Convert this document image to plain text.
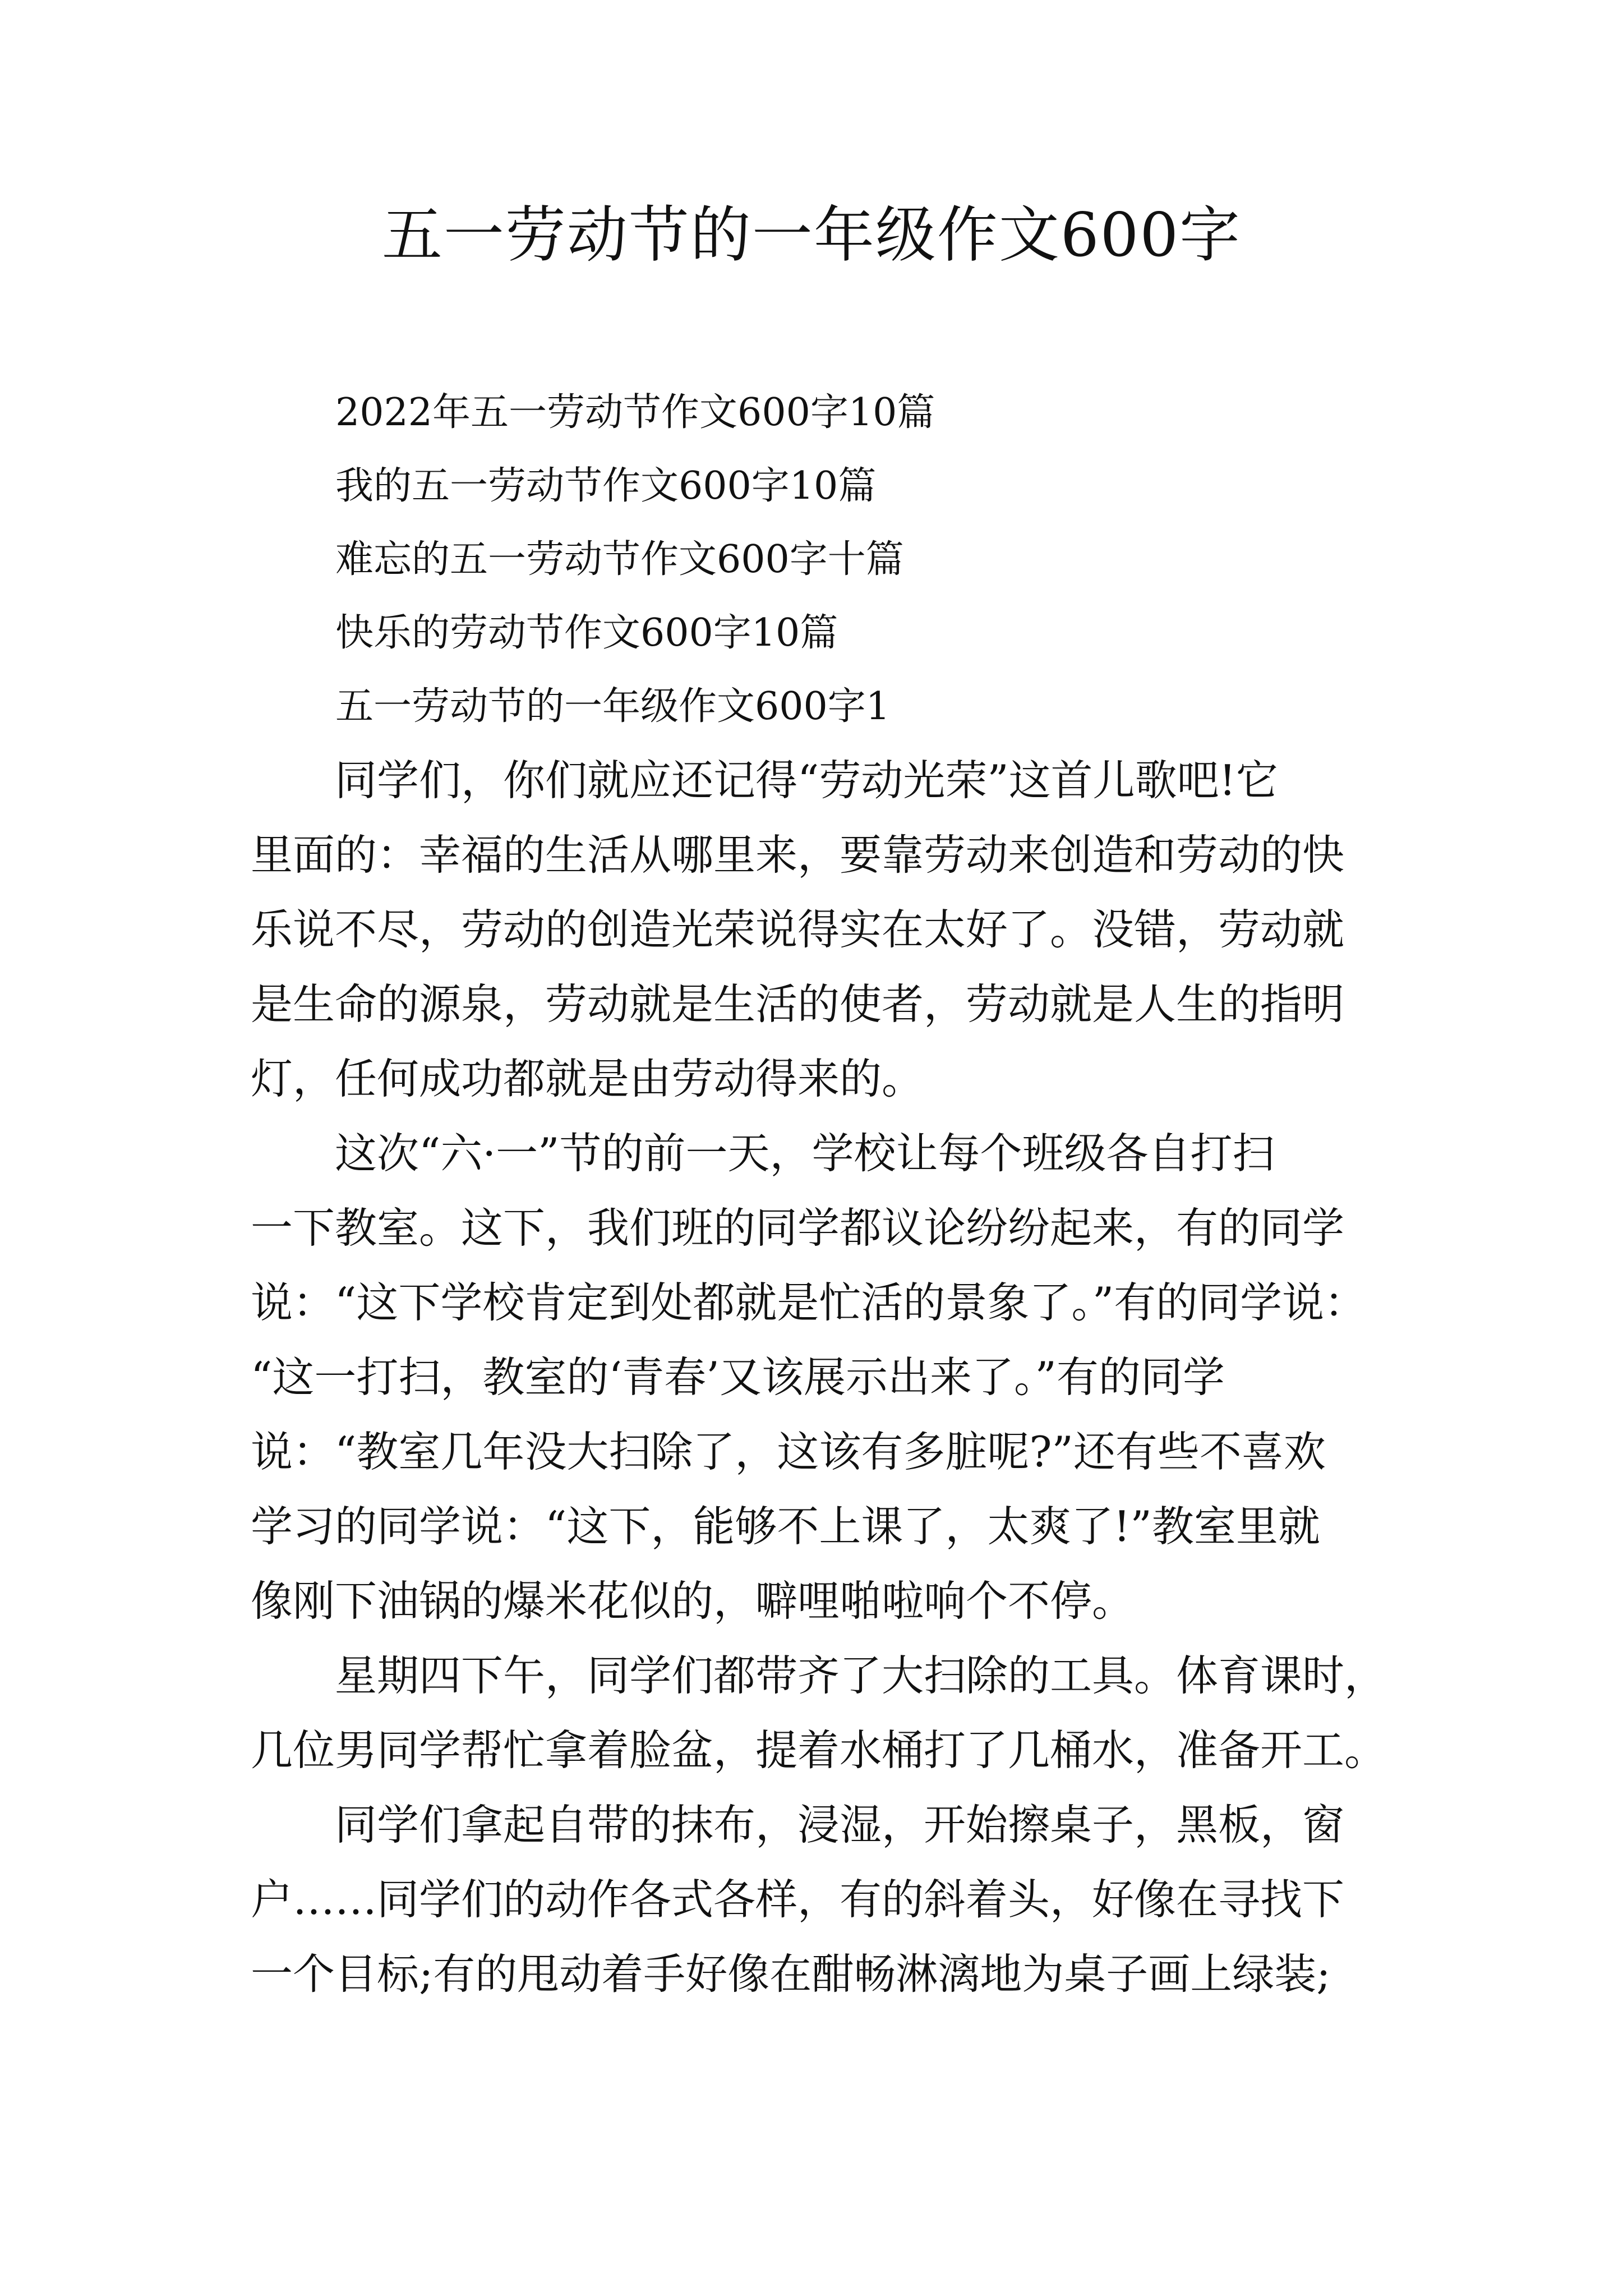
五一劳动节的一年级作文600字
2022年五一劳动节作文600字10篇
我的五一劳动节作文600字10篇
难忘的五一劳动节作文600字十篇
快乐的劳动节作文600字10篇
五一劳动节的一年级作文600字1
同学们，你们就应还记得“劳动光荣”这首儿歌吧!它
里面的：幸福的生活从哪里来，要靠劳动来创造和劳动的快
乐说不尽，劳动的创造光荣说得实在太好了。没错，劳动就
是生命的源泉，劳动就是生活的使者，劳动就是人生的指明
灯，任何成功都就是由劳动得来的。
这次“六·一”节的前一天，学校让每个班级各自打扫
一下教室。这下，我们班的同学都议论纷纷起来，有的同学
说：“这下学校肯定到处都就是忙活的景象了。”有的同学说：
“这一打扫，教室的‘青春’又该展示出来了。”有的同学
说：“教室几年没大扫除了，这该有多脏呢?”还有些不喜欢
学习的同学说：“这下，能够不上课了，太爽了!”教室里就
像刚下油锅的爆米花似的，噼哩啪啦响个不停。
星期四下午，同学们都带齐了大扫除的工具。体育课时，
几位男同学帮忙拿着脸盆，提着水桶打了几桶水，准备开工。
同学们拿起自带的抹布，浸湿，开始擦桌子，黑板，窗
户……同学们的动作各式各样，有的斜着头，好像在寻找下
一个目标;有的甩动着手好像在酣畅淋漓地为桌子画上绿装;
